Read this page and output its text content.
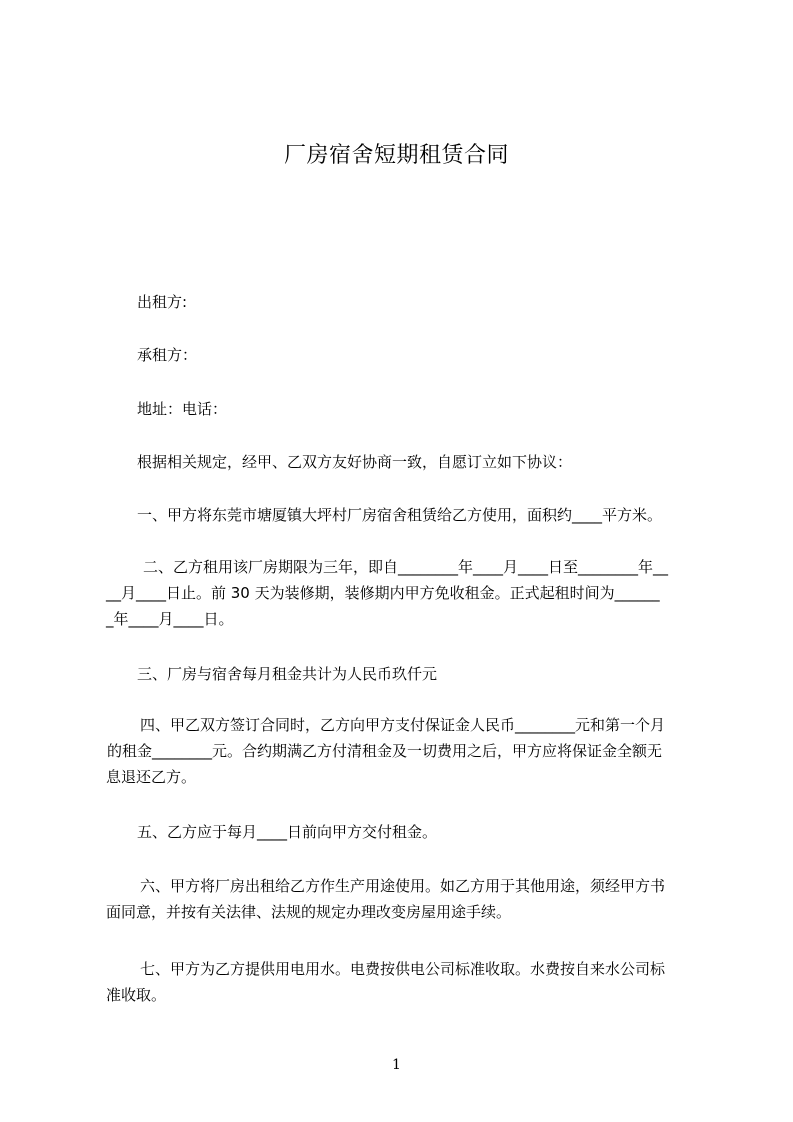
厂房宿舍短期租赁合同

出租方:

承租方：

地址：电话：

根据相关规定，经甲、乙双方友好协商一致，自愿订立如下协议：

一、甲方将东莞市塘厦镇大坪村厂房宿舍租赁给乙方使用，面积约____平方米。

二、乙方租用该厂房期限为三年，即自________年____月____日至________年__
__月____日止。前 30 天为装修期，装修期内甲方免收租金。正式起租时间为______
_年____月____日。

三、厂房与宿舍每月租金共计为人民币玖仟元

四、甲乙双方签订合同时，乙方向甲方支付保证金人民币________元和第一个月
的租金________元。合约期满乙方付清租金及一切费用之后，甲方应将保证金全额无
息退还乙方。

五、乙方应于每月____日前向甲方交付租金。

六、甲方将厂房出租给乙方作生产用途使用。如乙方用于其他用途，须经甲方书
面同意，并按有关法律、法规的规定办理改变房屋用途手续。
七、甲方为乙方提供用电用水。电费按供电公司标准收取。水费按自来水公司标
准收取。
1
